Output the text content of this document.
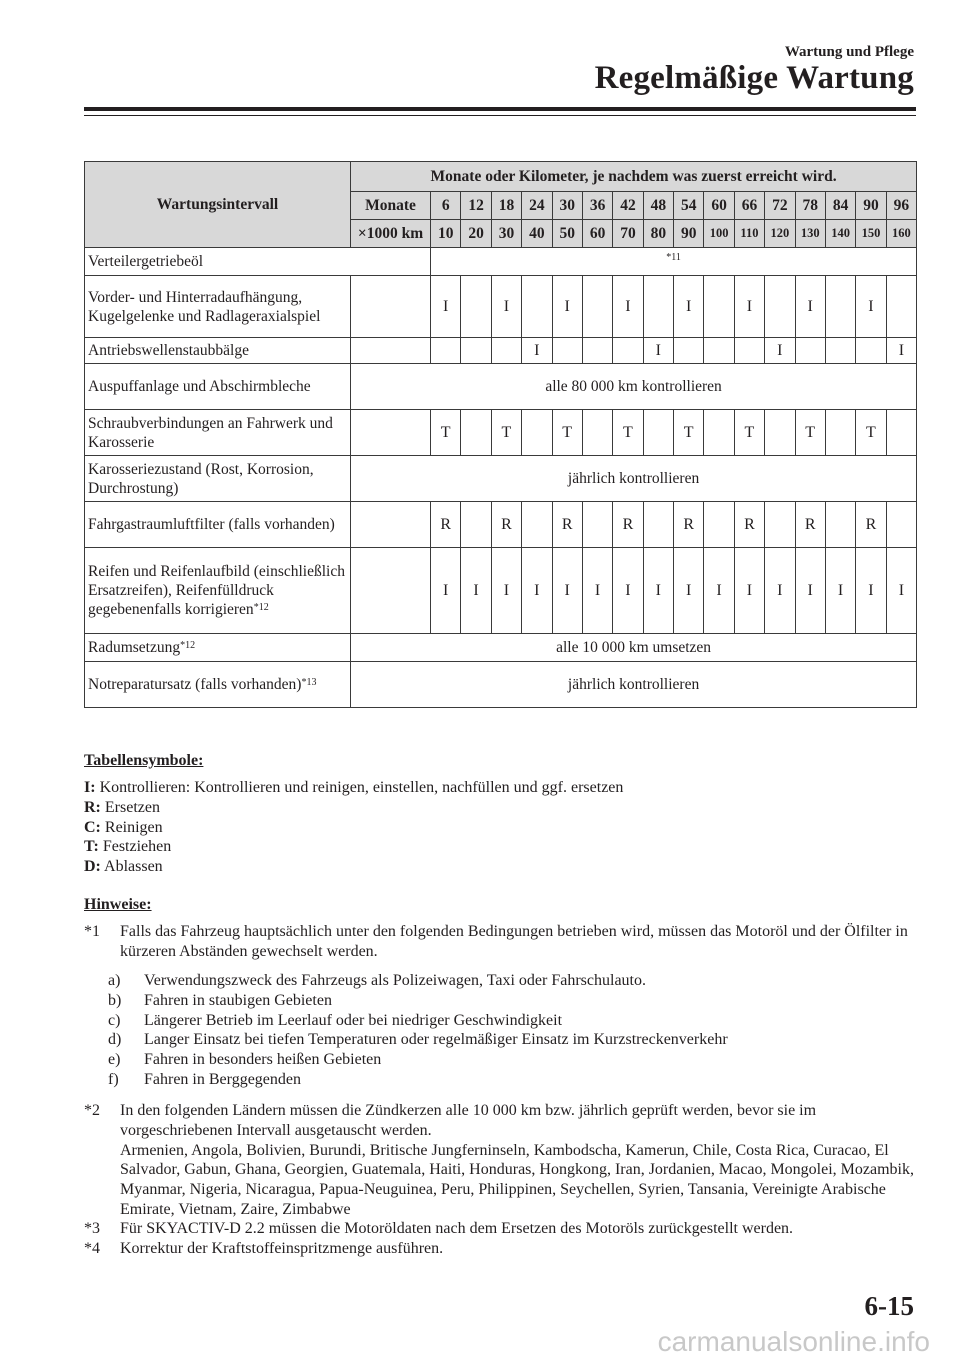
Wartung und Pflege
Regelmäßige Wartung
Wartungsintervall	Monate oder Kilometer, je nachdem was zuerst erreicht wird.																
	Monate	6	12	18	24	30	36	42	48	54	60	66	72	78	84	90	96
	×1000 km	10	20	30	40	50	60	70	80	90	100	110	120	130	140	150	160
Verteilergetriebeöl		*11															

Vorder- und Hinterradaufhängung, Kugelgelenke und Radlageraxialspiel		I		I		I		I		I		I		I		I	
Antriebswellenstaubbälge					I				I				I				I
Auspuffanlage und Abschirmbleche	alle 80 000 km kontrollieren																
Schraubverbindungen an Fahrwerk und Karosserie		T		T		T		T		T		T		T		T	
Karosseriezustand (Rost, Korrosion, Durchrostung)	jährlich kontrollieren																
Fahrgastraumluftfilter (falls vorhanden)		R		R		R		R		R		R		R		R	
Reifen und Reifenlaufbild (einschließlich Ersatzreifen), Reifenfülldruck gegebenenfalls korrigieren$^{*12}$		I	I	I	I	I	I	I	I	I	I	I	I	I	I	I	I
Radumsetzung$^{*12}$	alle 10 000 km umsetzen																
Notreparatursatz (falls vorhanden)$^{*13}$	jährlich kontrollieren																
Tabellensymbole:
I: Kontrollieren: Kontrollieren und reinigen, einstellen, nachfüllen und ggf. ersetzen
R: Ersetzen
C: Reinigen
T: Festziehen
D: Ablassen
Hinweise:
*1 Falls das Fahrzeug hauptsächlich unter den folgenden Bedingungen betrieben wird, müssen das Motoröl und der Ölfilter in kürzeren Abständen gewechselt werden.
a) Verwendungszweck des Fahrzeugs als Polizeiwagen, Taxi oder Fahrschulauto.
b) Fahren in staubigen Gebieten
c) Längerer Betrieb im Leerlauf oder bei niedriger Geschwindigkeit
d) Langer Einsatz bei tiefen Temperaturen oder regelmäßiger Einsatz im Kurzstreckenverkehr
e) Fahren in besonders heißen Gebieten
f) Fahren in Berggegenden
*2 In den folgenden Ländern müssen die Zündkerzen alle 10 000 km bzw. jährlich geprüft werden, bevor sie im vorgeschriebenen Intervall ausgetauscht werden.
Armenien, Angola, Bolivien, Burundi, Britische Jungferninseln, Kambodscha, Kamerun, Chile, Costa Rica, Curacao, El Salvador, Gabun, Ghana, Georgien, Guatemala, Haiti, Honduras, Hongkong, Iran, Jordanien, Macao, Mongolei, Mozambik, Myanmar, Nigeria, Nicaragua, Papua-Neuguinea, Peru, Philippinen, Seychellen, Syrien, Tansania, Vereinigte Arabische Emirate, Vietnam, Zaire, Zimbabwe
*3 Für SKYACTIV-D 2.2 müssen die Motoröldaten nach dem Ersetzen des Motoröls zurückgestellt werden.
*4 Korrektur der Kraftstoffeinspritzmenge ausführen.
6-15
carmanualsonline.info
